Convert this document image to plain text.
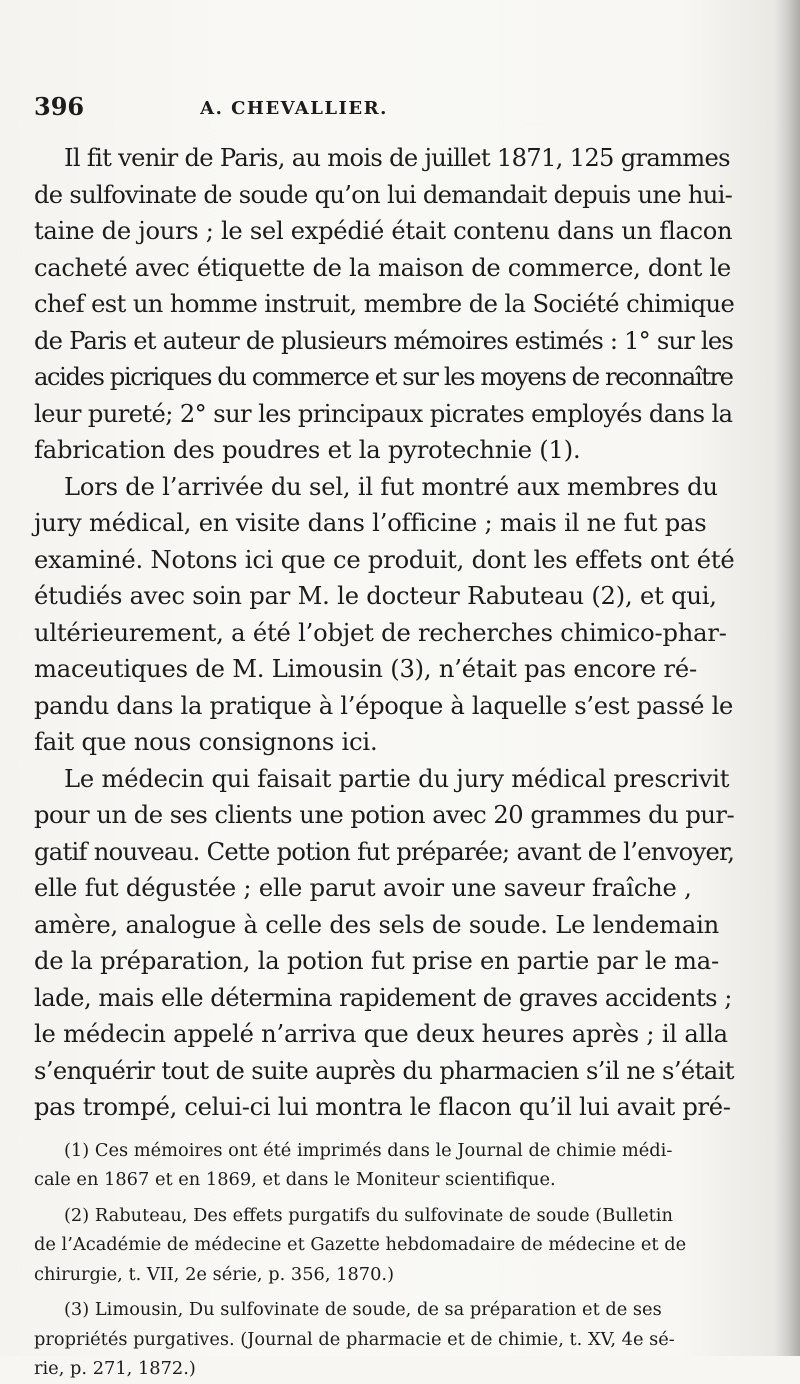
396	A. CHEVALLIER.
Il fit venir de Paris, au mois de juillet 1871, 125 grammes
de sulfovinate de soude qu’on lui demandait depuis une hui-
taine de jours ; le sel expédié était contenu dans un flacon
cacheté avec étiquette de la maison de commerce, dont le
chef est un homme instruit, membre de la Société chimique
de Paris et auteur de plusieurs mémoires estimés : 1° sur les
acides picriques du commerce et sur les moyens de reconnaître
leur pureté; 2° sur les principaux picrates employés dans la
fabrication des poudres et la pyrotechnie (1).
Lors de l’arrivée du sel, il fut montré aux membres du
jury médical, en visite dans l’officine ; mais il ne fut pas
examiné. Notons ici que ce produit, dont les effets ont été
étudiés avec soin par M. le docteur Rabuteau (2), et qui,
ultérieurement, a été l’objet de recherches chimico-phar-
maceutiques de M. Limousin (3), n’était pas encore ré-
pandu dans la pratique à l’époque à laquelle s’est passé le
fait que nous consignons ici.
Le médecin qui faisait partie du jury médical prescrivit
pour un de ses clients une potion avec 20 grammes du pur-
gatif nouveau. Cette potion fut préparée; avant de l’envoyer,
elle fut dégustée ; elle parut avoir une saveur fraîche ,
amère, analogue à celle des sels de soude. Le lendemain
de la préparation, la potion fut prise en partie par le ma-
lade, mais elle détermina rapidement de graves accidents ;
le médecin appelé n’arriva que deux heures après ; il alla
s’enquérir tout de suite auprès du pharmacien s’il ne s’était
pas trompé, celui-ci lui montra le flacon qu’il lui avait pré-
(1) Ces mémoires ont été imprimés dans le Journal de chimie médi-
cale en 1867 et en 1869, et dans le Moniteur scientifique.
(2) Rabuteau, Des effets purgatifs du sulfovinate de soude (Bulletin
de l’Académie de médecine et Gazette hebdomadaire de médecine et de
chirurgie, t. VII, 2e série, p. 356, 1870.)
(3) Limousin, Du sulfovinate de soude, de sa préparation et de ses
propriétés purgatives. (Journal de pharmacie et de chimie, t. XV, 4e sé-
rie, p. 271, 1872.)
